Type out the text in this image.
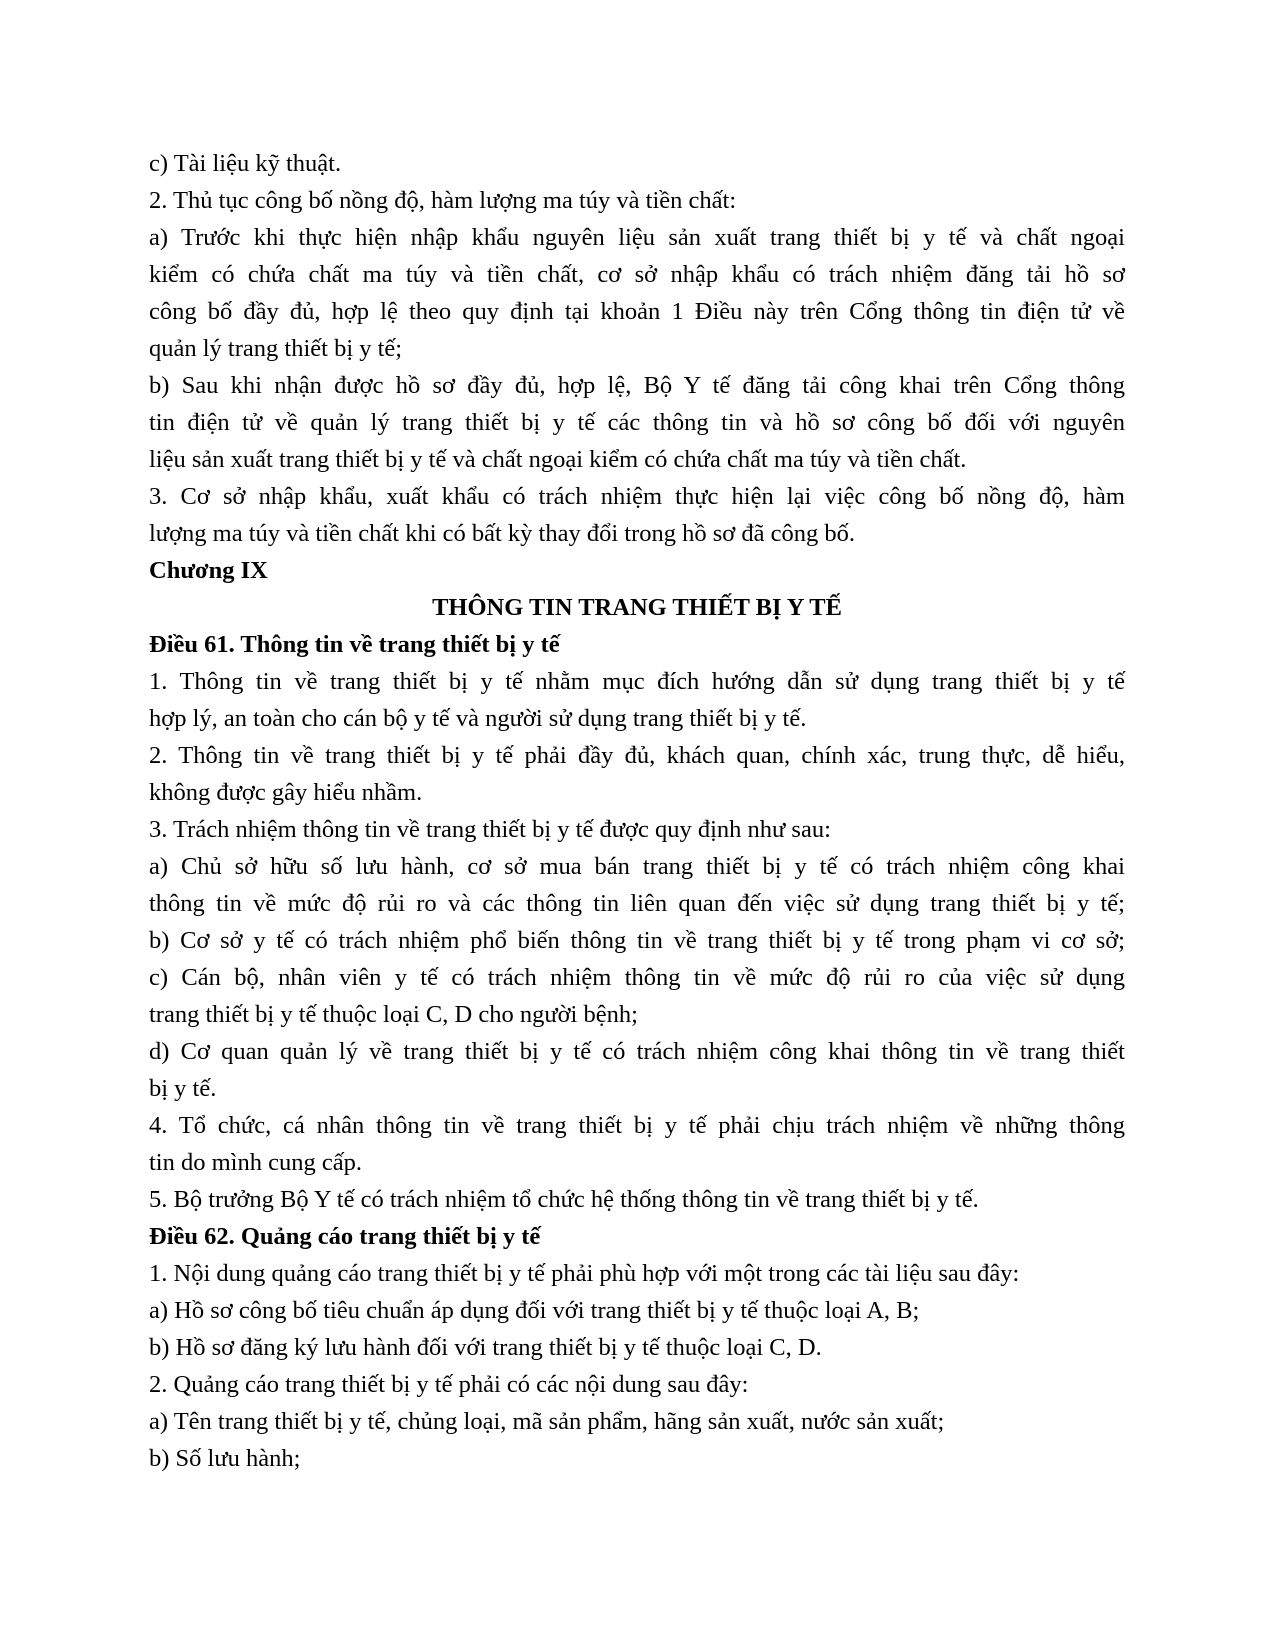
c) Tài liệu kỹ thuật.
2. Thủ tục công bố nồng độ, hàm lượng ma túy và tiền chất:
a) Trước khi thực hiện nhập khẩu nguyên liệu sản xuất trang thiết bị y tế và chất ngoại
kiểm có chứa chất ma túy và tiền chất, cơ sở nhập khẩu có trách nhiệm đăng tải hồ sơ
công bố đầy đủ, hợp lệ theo quy định tại khoản 1 Điều này trên Cổng thông tin điện tử về
quản lý trang thiết bị y tế;
b) Sau khi nhận được hồ sơ đầy đủ, hợp lệ, Bộ Y tế đăng tải công khai trên Cổng thông
tin điện tử về quản lý trang thiết bị y tế các thông tin và hồ sơ công bố đối với nguyên
liệu sản xuất trang thiết bị y tế và chất ngoại kiểm có chứa chất ma túy và tiền chất.
3. Cơ sở nhập khẩu, xuất khẩu có trách nhiệm thực hiện lại việc công bố nồng độ, hàm
lượng ma túy và tiền chất khi có bất kỳ thay đổi trong hồ sơ đã công bố.
Chương IX
THÔNG TIN TRANG THIẾT BỊ Y TẾ
Điều 61. Thông tin về trang thiết bị y tế
1. Thông tin về trang thiết bị y tế nhằm mục đích hướng dẫn sử dụng trang thiết bị y tế
hợp lý, an toàn cho cán bộ y tế và người sử dụng trang thiết bị y tế.
2. Thông tin về trang thiết bị y tế phải đầy đủ, khách quan, chính xác, trung thực, dễ hiểu,
không được gây hiểu nhầm.
3. Trách nhiệm thông tin về trang thiết bị y tế được quy định như sau:
a) Chủ sở hữu số lưu hành, cơ sở mua bán trang thiết bị y tế có trách nhiệm công khai
thông tin về mức độ rủi ro và các thông tin liên quan đến việc sử dụng trang thiết bị y tế;
b) Cơ sở y tế có trách nhiệm phổ biến thông tin về trang thiết bị y tế trong phạm vi cơ sở;
c) Cán bộ, nhân viên y tế có trách nhiệm thông tin về mức độ rủi ro của việc sử dụng
trang thiết bị y tế thuộc loại C, D cho người bệnh;
d) Cơ quan quản lý về trang thiết bị y tế có trách nhiệm công khai thông tin về trang thiết
bị y tế.
4. Tổ chức, cá nhân thông tin về trang thiết bị y tế phải chịu trách nhiệm về những thông
tin do mình cung cấp.
5. Bộ trưởng Bộ Y tế có trách nhiệm tổ chức hệ thống thông tin về trang thiết bị y tế.
Điều 62. Quảng cáo trang thiết bị y tế
1. Nội dung quảng cáo trang thiết bị y tế phải phù hợp với một trong các tài liệu sau đây:
a) Hồ sơ công bố tiêu chuẩn áp dụng đối với trang thiết bị y tế thuộc loại A, B;
b) Hồ sơ đăng ký lưu hành đối với trang thiết bị y tế thuộc loại C, D.
2. Quảng cáo trang thiết bị y tế phải có các nội dung sau đây:
a) Tên trang thiết bị y tế, chủng loại, mã sản phẩm, hãng sản xuất, nước sản xuất;
b) Số lưu hành;
